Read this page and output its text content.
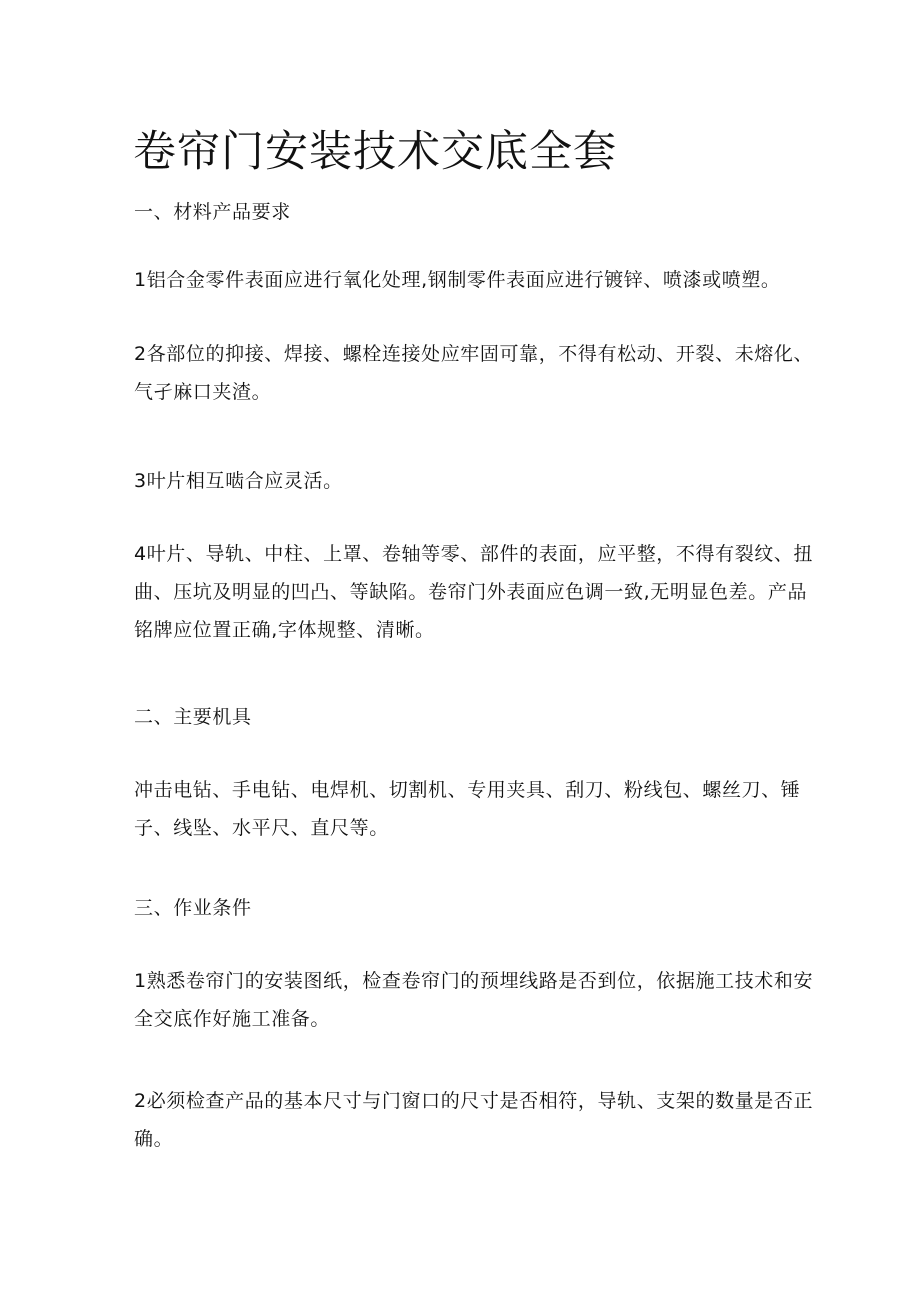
卷帘门安装技术交底全套

一、材料产品要求

1铝合金零件表面应进行氧化处理,钢制零件表面应进行镀锌、喷漆或喷塑。

2各部位的抑接、焊接、螺栓连接处应牢固可靠，不得有松动、开裂、未熔化、气孑麻口夹渣。

3叶片相互啮合应灵活。

4叶片、导轨、中柱、上罩、卷轴等零、部件的表面，应平整，不得有裂纹、扭曲、压坑及明显的凹凸、等缺陷。卷帘门外表面应色调一致,无明显色差。产品铭牌应位置正确,字体规整、清晰。

二、主要机具

冲击电钻、手电钻、电焊机、切割机、专用夹具、刮刀、粉线包、螺丝刀、锤子、线坠、水平尺、直尺等。

三、作业条件

1熟悉卷帘门的安装图纸，检查卷帘门的预埋线路是否到位，依据施工技术和安全交底作好施工准备。

2必须检查产品的基本尺寸与门窗口的尺寸是否相符，导轨、支架的数量是否正确。
